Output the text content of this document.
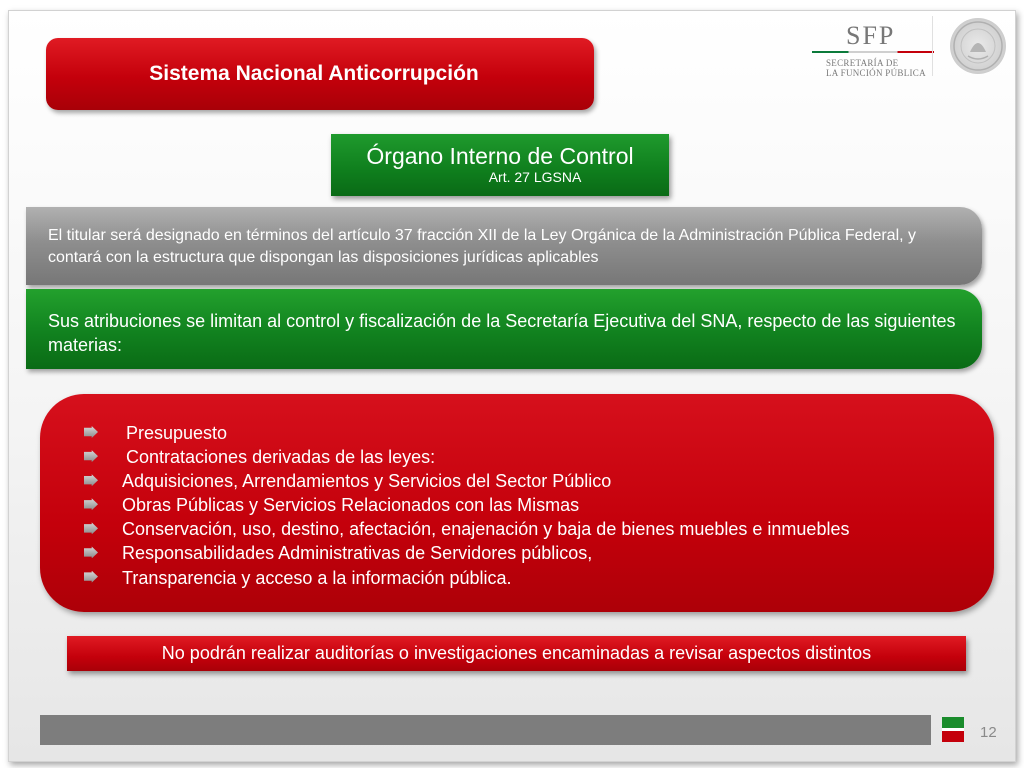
Sistema Nacional Anticorrupción
SFP
SECRETARÍA DE
LA FUNCIÓN PÚBLICA
Órgano Interno de Control
Art. 27 LGSNA

El titular será designado en términos del artículo 37 fracción XII de la Ley Orgánica de la Administración Pública Federal, y contará con la estructura que dispongan las disposiciones jurídicas aplicables

Sus atribuciones se limitan al control y fiscalización de la Secretaría Ejecutiva del SNA, respecto de las siguientes materias:

Presupuesto
Contrataciones derivadas de las leyes:
Adquisiciones, Arrendamientos y Servicios del Sector Público
Obras Públicas y Servicios Relacionados con las Mismas
Conservación, uso, destino, afectación, enajenación y baja de bienes muebles e inmuebles
Responsabilidades Administrativas de Servidores públicos,
Transparencia y acceso a la información pública.
No podrán realizar auditorías o investigaciones encaminadas a revisar aspectos distintos
12
